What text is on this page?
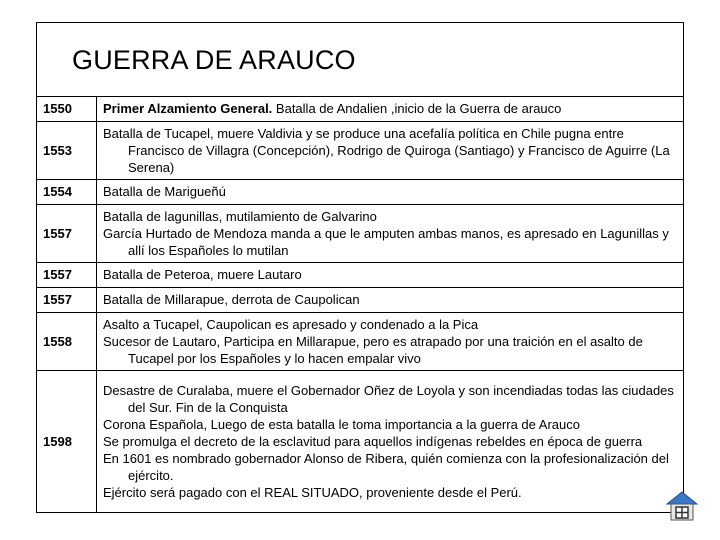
GUERRA DE ARAUCO
1550	Primer Alzamiento General. Batalla de Andalien ,inicio de la Guerra de arauco
1553	Batalla de Tucapel, muere Valdivia y se produce una acefalía política en Chile pugna entre Francisco de Villagra (Concepción), Rodrigo de Quiroga (Santiago) y Francisco de Aguirre (La Serena)

1554	Batalla de Marigueñú

1557	Batalla de lagunillas, mutilamiento de Galvarino
García Hurtado de Mendoza manda a que le amputen ambas manos, es apresado en Lagunillas y allí los Españoles lo mutilan

1557	Batalla de Peteroa, muere Lautaro

1557	Batalla de Millarapue, derrota de Caupolican

1558	Asalto a Tucapel, Caupolican es apresado y condenado a la Pica
Sucesor de Lautaro, Participa en Millarapue, pero es atrapado por una traición en el asalto de Tucapel por los Españoles y lo hacen empalar vivo

1598	Desastre de Curalaba, muere el Gobernador Oñez de Loyola y son incendiadas todas las ciudades del Sur. Fin de la Conquista
Corona Española, Luego de esta batalla le toma importancia a la guerra de Arauco
Se promulga el decreto de la esclavitud para aquellos indígenas rebeldes en época de guerra
En 1601 es nombrado gobernador Alonso de Ribera, quién comienza con la profesionalización del ejército.
Ejército será pagado con el REAL SITUADO, proveniente desde el Perú.
